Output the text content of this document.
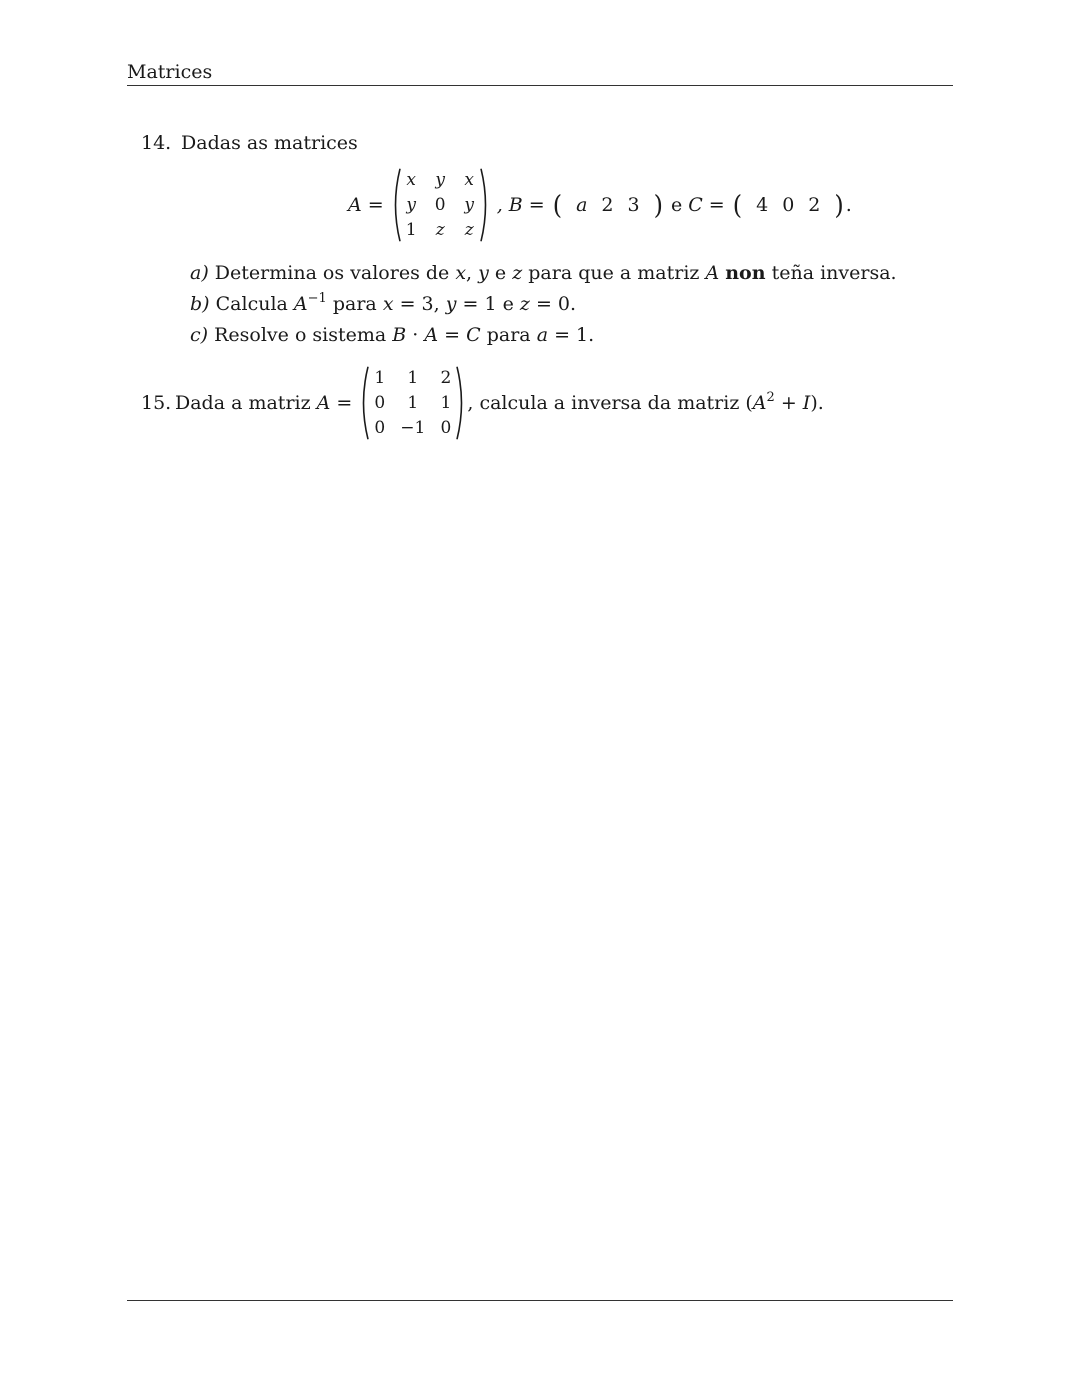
Matrices
14. Dadas as matrices
A =
x y x
y 0 y
1 z z
, B = ( a 2 3 ) e C = ( 4 0 2 ) .
a) Determina os valores de x, y e z para que a matriz A non teña inversa.
b) Calcula $A^{-1}$ para x = 3, y = 1 e z = 0.
c) Resolve o sistema B · A = C para a = 1.
15. Dada a matriz A =
1	1	2
0	1	1
0 −1 0
, calcula a inversa da matriz $(A^2 + I)$.
